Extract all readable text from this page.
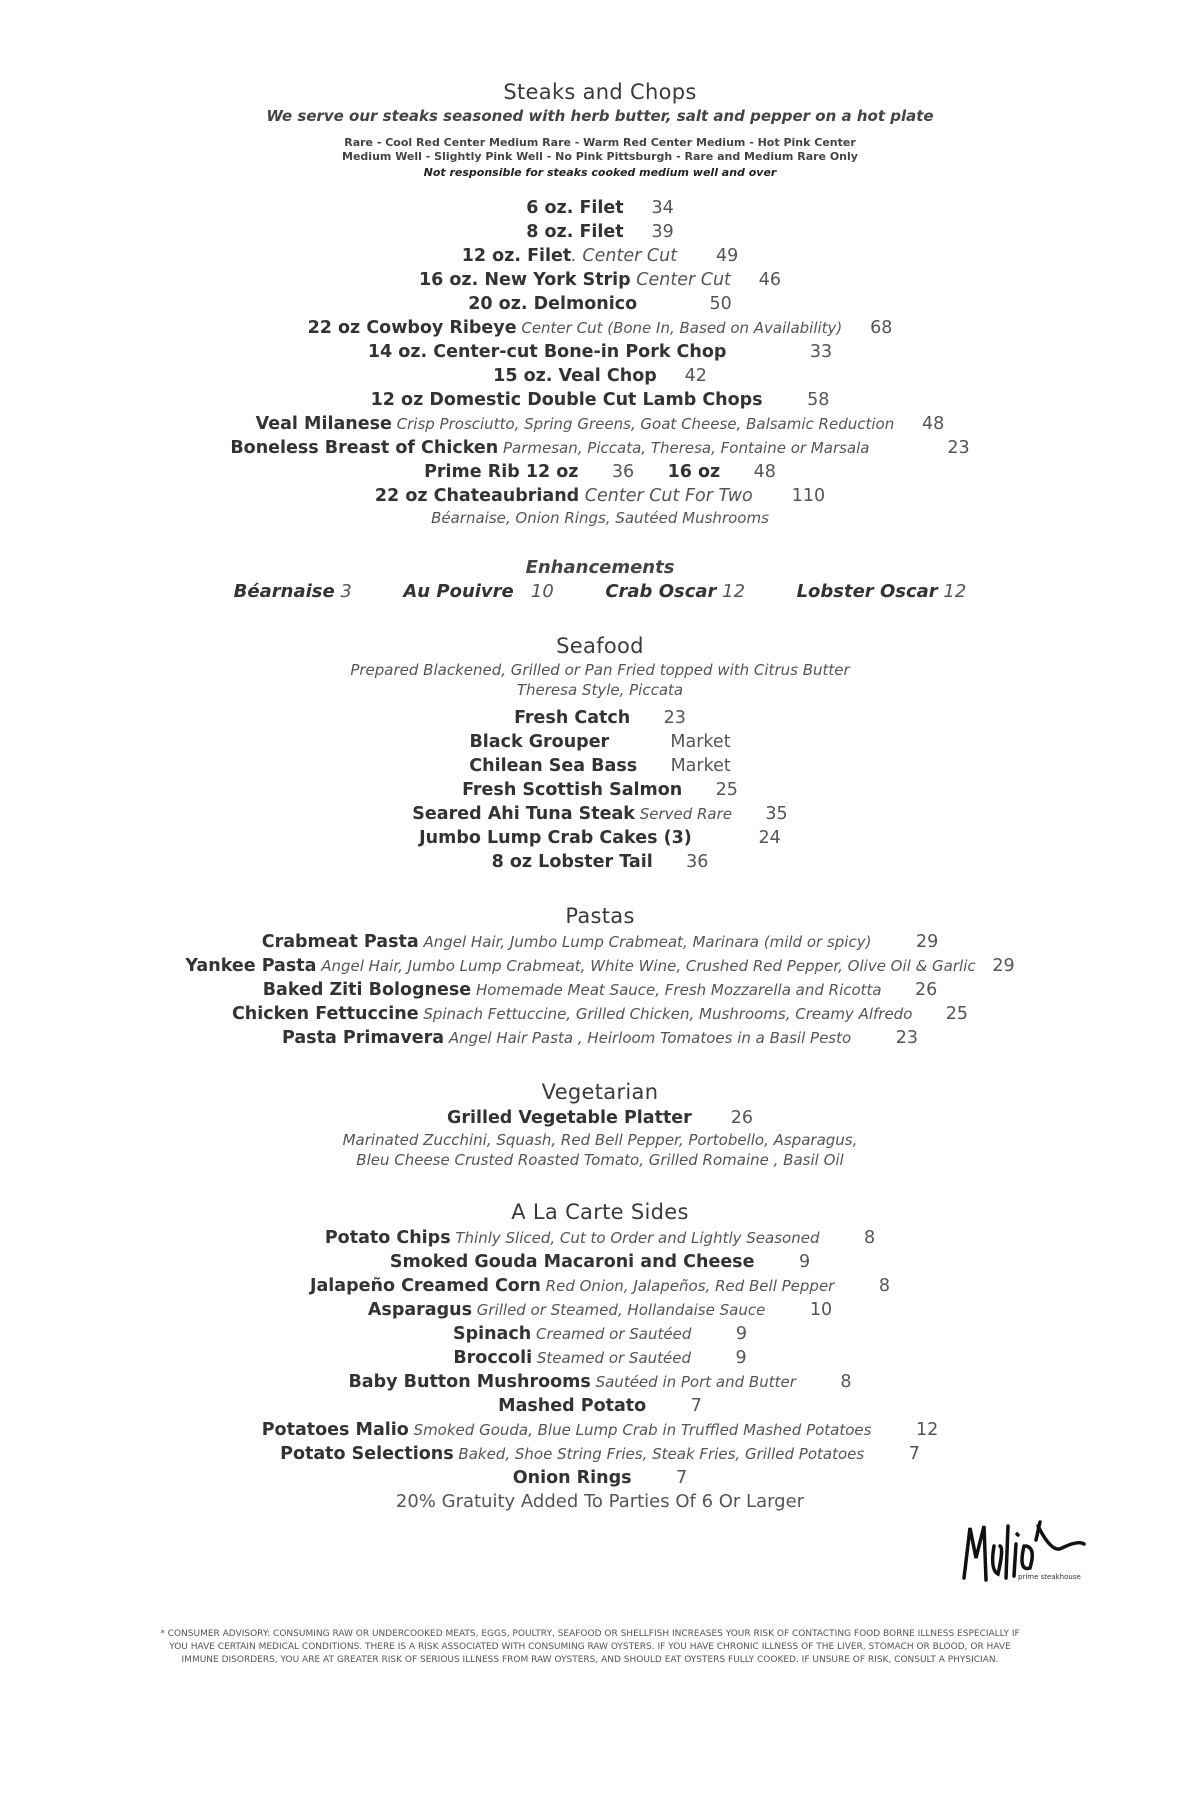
Steaks and Chops
We serve our steaks seasoned with herb butter, salt and pepper on a hot plate
Rare - Cool Red Center Medium Rare - Warm Red Center Medium - Hot Pink Center
Medium Well - Slightly Pink Well - No Pink Pittsburgh - Rare and Medium Rare Only
Not responsible for steaks cooked medium well and over
6 oz. Filet 34
8 oz. Filet 39
12 oz. Filet. Center Cut 49
16 oz. New York Strip Center Cut 46
20 oz. Delmonico	50
22 oz Cowboy Ribeye Center Cut (Bone In, Based on Availability) 68
14 oz. Center-cut Bone-in Pork Chop	33
15 oz. Veal Chop 42
12 oz Domestic Double Cut Lamb Chops	58
Veal Milanese Crisp Prosciutto, Spring Greens, Goat Cheese, Balsamic Reduction 48
Boneless Breast of Chicken Parmesan, Piccata, Theresa, Fontaine or Marsala	23
Prime Rib 12 oz 36 16 oz 48
22 oz Chateaubriand Center Cut For Two 110
Béarnaise, Onion Rings, Sautéed Mushrooms
Enhancements
Béarnaise 3	Au Pouivre 10	Crab Oscar 12	Lobster Oscar 12
Seafood
Prepared Blackened, Grilled or Pan Fried topped with Citrus Butter
Theresa Style, Piccata
Fresh Catch 23
Black Grouper	Market
Chilean Sea Bass Market
Fresh Scottish Salmon 25
Seared Ahi Tuna Steak Served Rare 35
Jumbo Lump Crab Cakes (3)	24
8 oz Lobster Tail 36
Pastas
Crabmeat Pasta Angel Hair, Jumbo Lump Crabmeat, Marinara (mild or spicy)	29
Yankee Pasta Angel Hair, Jumbo Lump Crabmeat, White Wine, Crushed Red Pepper, Olive Oil & Garlic 29
Baked Ziti Bolognese Homemade Meat Sauce, Fresh Mozzarella and Ricotta 26
Chicken Fettuccine Spinach Fettuccine, Grilled Chicken, Mushrooms, Creamy Alfredo 25
Pasta Primavera Angel Hair Pasta , Heirloom Tomatoes in a Basil Pesto	23
Vegetarian
Grilled Vegetable Platter 26
Marinated Zucchini, Squash, Red Bell Pepper, Portobello, Asparagus,
Bleu Cheese Crusted Roasted Tomato, Grilled Romaine , Basil Oil
A La Carte Sides
Potato Chips Thinly Sliced, Cut to Order and Lightly Seasoned	8
Smoked Gouda Macaroni and Cheese	9
Jalapeño Creamed Corn Red Onion, Jalapeños, Red Bell Pepper	8
Asparagus Grilled or Steamed, Hollandaise Sauce	10
Spinach Creamed or Sautéed	9
Broccoli Steamed or Sautéed	9
Baby Button Mushrooms Sautéed in Port and Butter	8
Mashed Potato	7
Potatoes Malio Smoked Gouda, Blue Lump Crab in Truffled Mashed Potatoes	12
Potato Selections Baked, Shoe String Fries, Steak Fries, Grilled Potatoes	7
Onion Rings	7
20% Gratuity Added To Parties Of 6 Or Larger
prime steakhouse
* CONSUMER ADVISORY: CONSUMING RAW OR UNDERCOOKED MEATS, EGGS, POULTRY, SEAFOOD OR SHELLFISH INCREASES YOUR RISK OF CONTACTING FOOD BORNE ILLNESS ESPECIALLY IF YOU HAVE CERTAIN MEDICAL CONDITIONS. THERE IS A RISK ASSOCIATED WITH CONSUMING RAW OYSTERS. IF YOU HAVE CHRONIC ILLNESS OF THE LIVER, STOMACH OR BLOOD, OR HAVE IMMUNE DISORDERS, YOU ARE AT GREATER RISK OF SERIOUS ILLNESS FROM RAW OYSTERS, AND SHOULD EAT OYSTERS FULLY COOKED. IF UNSURE OF RISK, CONSULT A PHYSICIAN.
